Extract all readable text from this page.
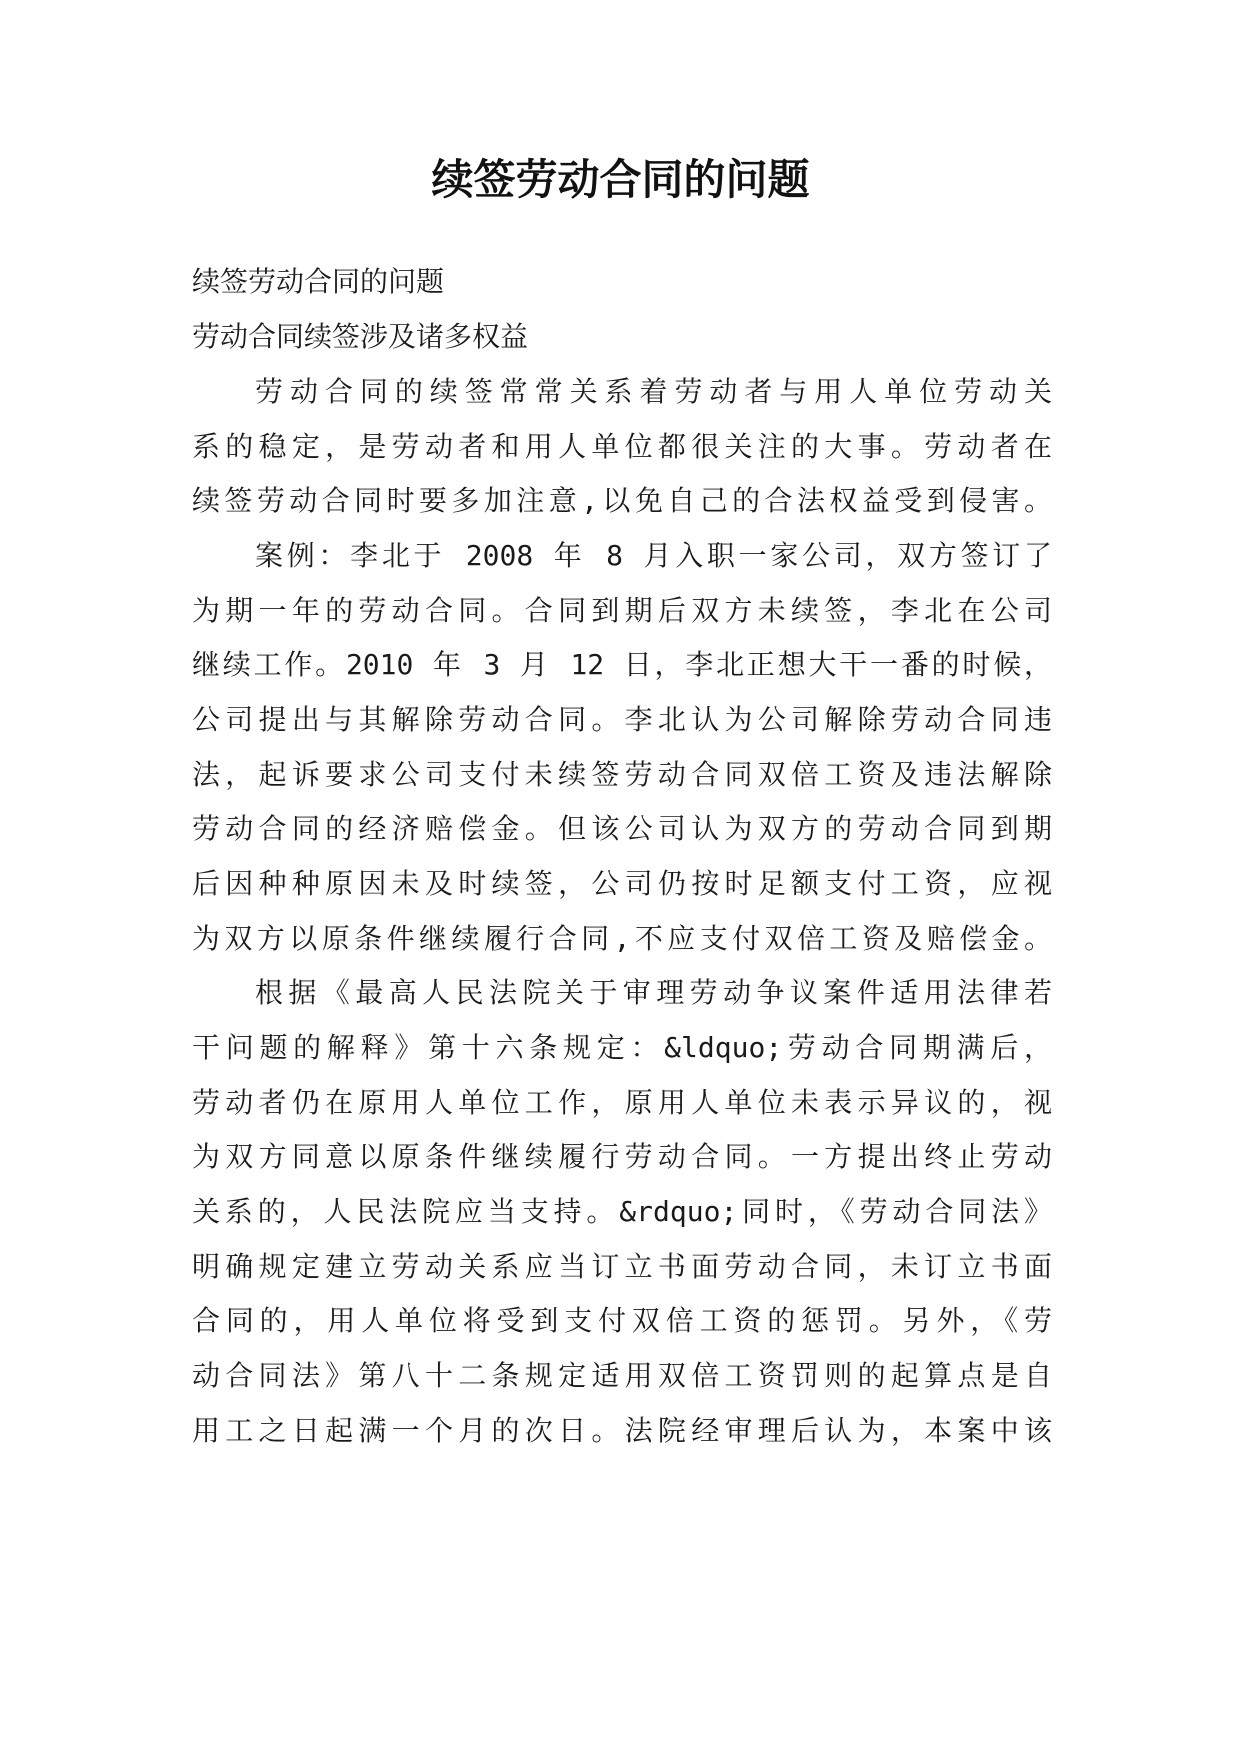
续签劳动合同的问题

续签劳动合同的问题

劳动合同续签涉及诸多权益

劳动合同的续签常常关系着劳动者与用人单位劳动关

系的稳定，是劳动者和用人单位都很关注的大事。劳动者在

续签劳动合同时要多加注意,以免自己的合法权益受到侵害。

案例：李北于 2008 年 8 月入职一家公司，双方签订了

为期一年的劳动合同。合同到期后双方未续签，李北在公司

继续工作。2010 年 3 月 12 日，李北正想大干一番的时候，

公司提出与其解除劳动合同。李北认为公司解除劳动合同违

法，起诉要求公司支付未续签劳动合同双倍工资及违法解除

劳动合同的经济赔偿金。但该公司认为双方的劳动合同到期

后因种种原因未及时续签，公司仍按时足额支付工资，应视

为双方以原条件继续履行合同,不应支付双倍工资及赔偿金。

根据《最高人民法院关于审理劳动争议案件适用法律若

干问题的解释》第十六条规定：&ldquo;劳动合同期满后，

劳动者仍在原用人单位工作，原用人单位未表示异议的，视

为双方同意以原条件继续履行劳动合同。一方提出终止劳动

关系的，人民法院应当支持。&rdquo;同时，《劳动合同法》

明确规定建立劳动关系应当订立书面劳动合同，未订立书面

合同的，用人单位将受到支付双倍工资的惩罚。另外，《劳

动合同法》第八十二条规定适用双倍工资罚则的起算点是自

用工之日起满一个月的次日。法院经审理后认为，本案中该
